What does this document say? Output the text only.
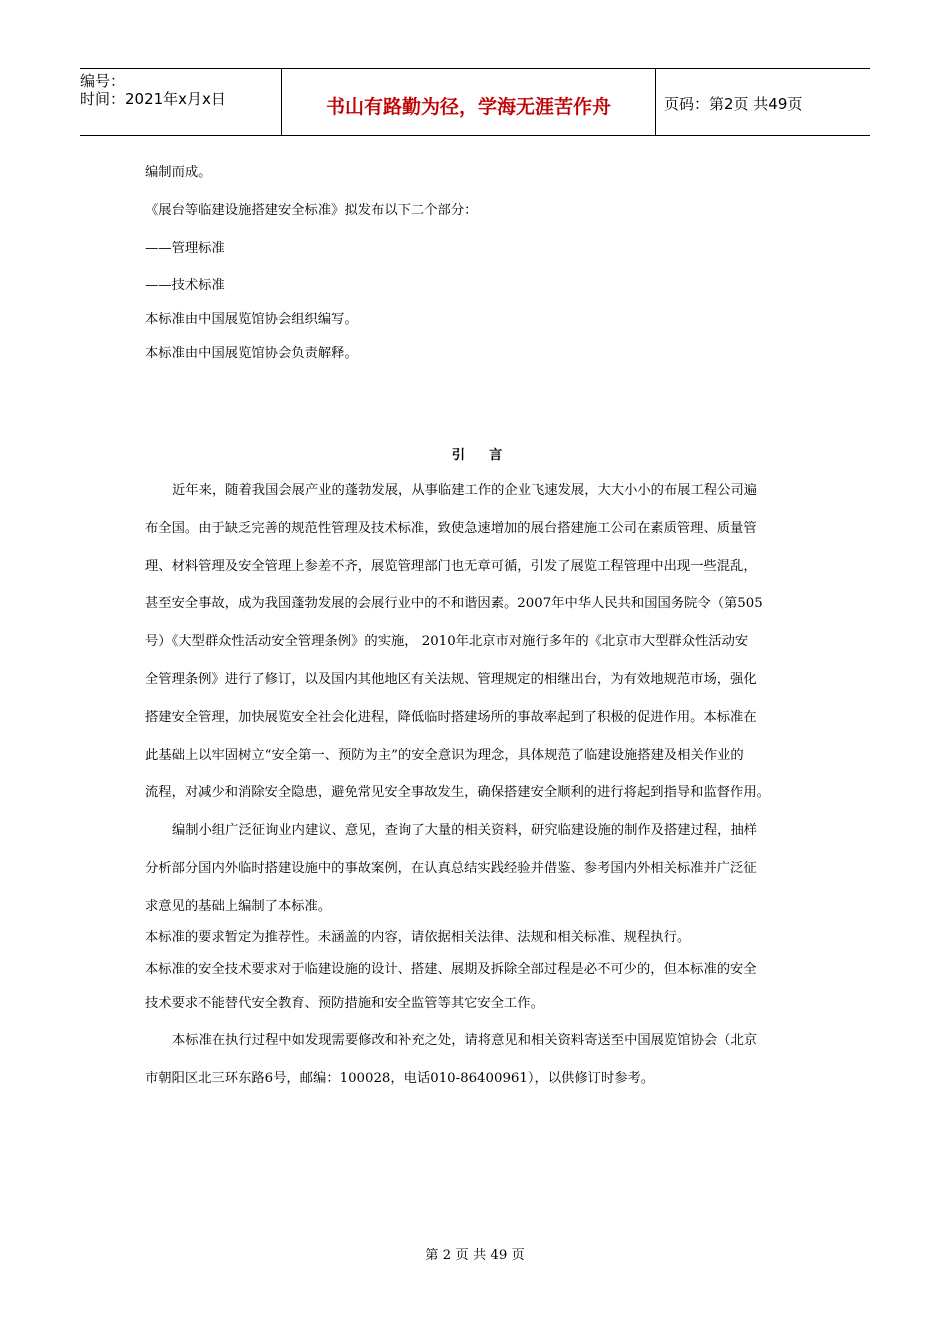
编号：
时间：2021年x月x日	书山有路勤为径，学海无涯苦作舟	页码：第2页 共49页
编制而成。
《展台等临建设施搭建安全标准》拟发布以下二个部分：
——管理标准
——技术标准
本标准由中国展览馆协会组织编写。
本标准由中国展览馆协会负责解释。
引言
近年来，随着我国会展产业的蓬勃发展，从事临建工作的企业飞速发展，大大小小的布展工程公司遍
布全国。由于缺乏完善的规范性管理及技术标准，致使急速增加的展台搭建施工公司在素质管理、质量管
理、材料管理及安全管理上参差不齐，展览管理部门也无章可循，引发了展览工程管理中出现一些混乱，
甚至安全事故，成为我国蓬勃发展的会展行业中的不和谐因素。2007年中华人民共和国国务院令（第505
号）《大型群众性活动安全管理条例》的实施， 2010年北京市对施行多年的《北京市大型群众性活动安
全管理条例》进行了修订，以及国内其他地区有关法规、管理规定的相继出台，为有效地规范市场，强化
搭建安全管理，加快展览安全社会化进程，降低临时搭建场所的事故率起到了积极的促进作用。本标准在
此基础上以牢固树立“安全第一、预防为主”的安全意识为理念，具体规范了临建设施搭建及相关作业的
流程，对减少和消除安全隐患，避免常见安全事故发生，确保搭建安全顺利的进行将起到指导和监督作用。
编制小组广泛征询业内建议、意见，查询了大量的相关资料，研究临建设施的制作及搭建过程，抽样
分析部分国内外临时搭建设施中的事故案例，在认真总结实践经验并借鉴、参考国内外相关标准并广泛征
求意见的基础上编制了本标准。
本标准的要求暂定为推荐性。未涵盖的内容，请依据相关法律、法规和相关标准、规程执行。
本标准的安全技术要求对于临建设施的设计、搭建、展期及拆除全部过程是必不可少的，但本标准的安全
技术要求不能替代安全教育、预防措施和安全监管等其它安全工作。
本标准在执行过程中如发现需要修改和补充之处，请将意见和相关资料寄送至中国展览馆协会（北京
市朝阳区北三环东路6号，邮编：100028，电话010-86400961），以供修订时参考。
第 2 页 共 49 页
